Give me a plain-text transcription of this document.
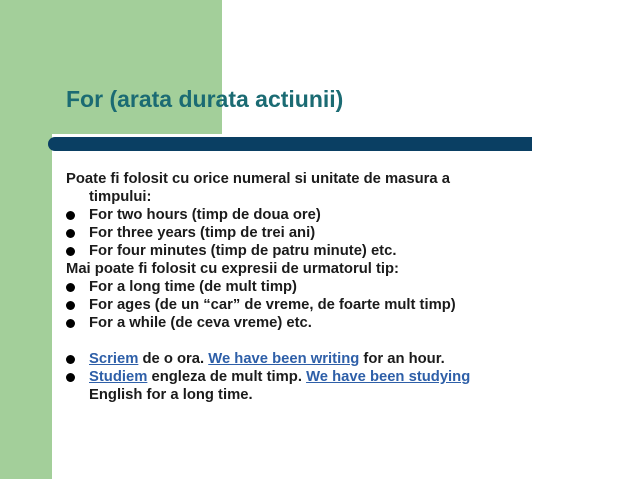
For (arata durata actiunii)
Poate fi folosit cu orice numeral si unitate de masura a
timpului:
For two hours (timp de doua ore)
For three years (timp de trei ani)
For four minutes (timp de patru minute) etc.
Mai poate fi folosit cu expresii de urmatorul tip:
For a long time (de mult timp)
For ages (de un “car” de vreme, de foarte mult timp)
For a while (de ceva vreme) etc.
Scriem de o ora. We have been writing for an hour.
Studiem engleza de mult timp. We have been studying
English for a long time.
